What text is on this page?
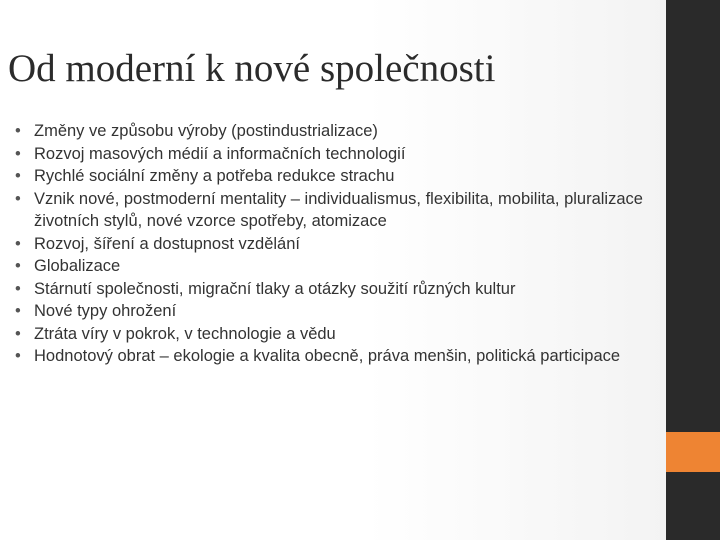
Od moderní k nové společnosti
• Změny ve způsobu výroby (postindustrializace)
• Rozvoj masových médií a informačních technologií
• Rychlé sociální změny a potřeba redukce strachu
• Vznik nové, postmoderní mentality – individualismus, flexibilita, mobilita, pluralizace životních stylů, nové vzorce spotřeby, atomizace
• Rozvoj, šíření a dostupnost vzdělání
• Globalizace
• Stárnutí společnosti, migrační tlaky a otázky soužití různých kultur
• Nové typy ohrožení
• Ztráta víry v pokrok, v technologie a vědu
• Hodnotový obrat – ekologie a kvalita obecně, práva menšin, politická participace
